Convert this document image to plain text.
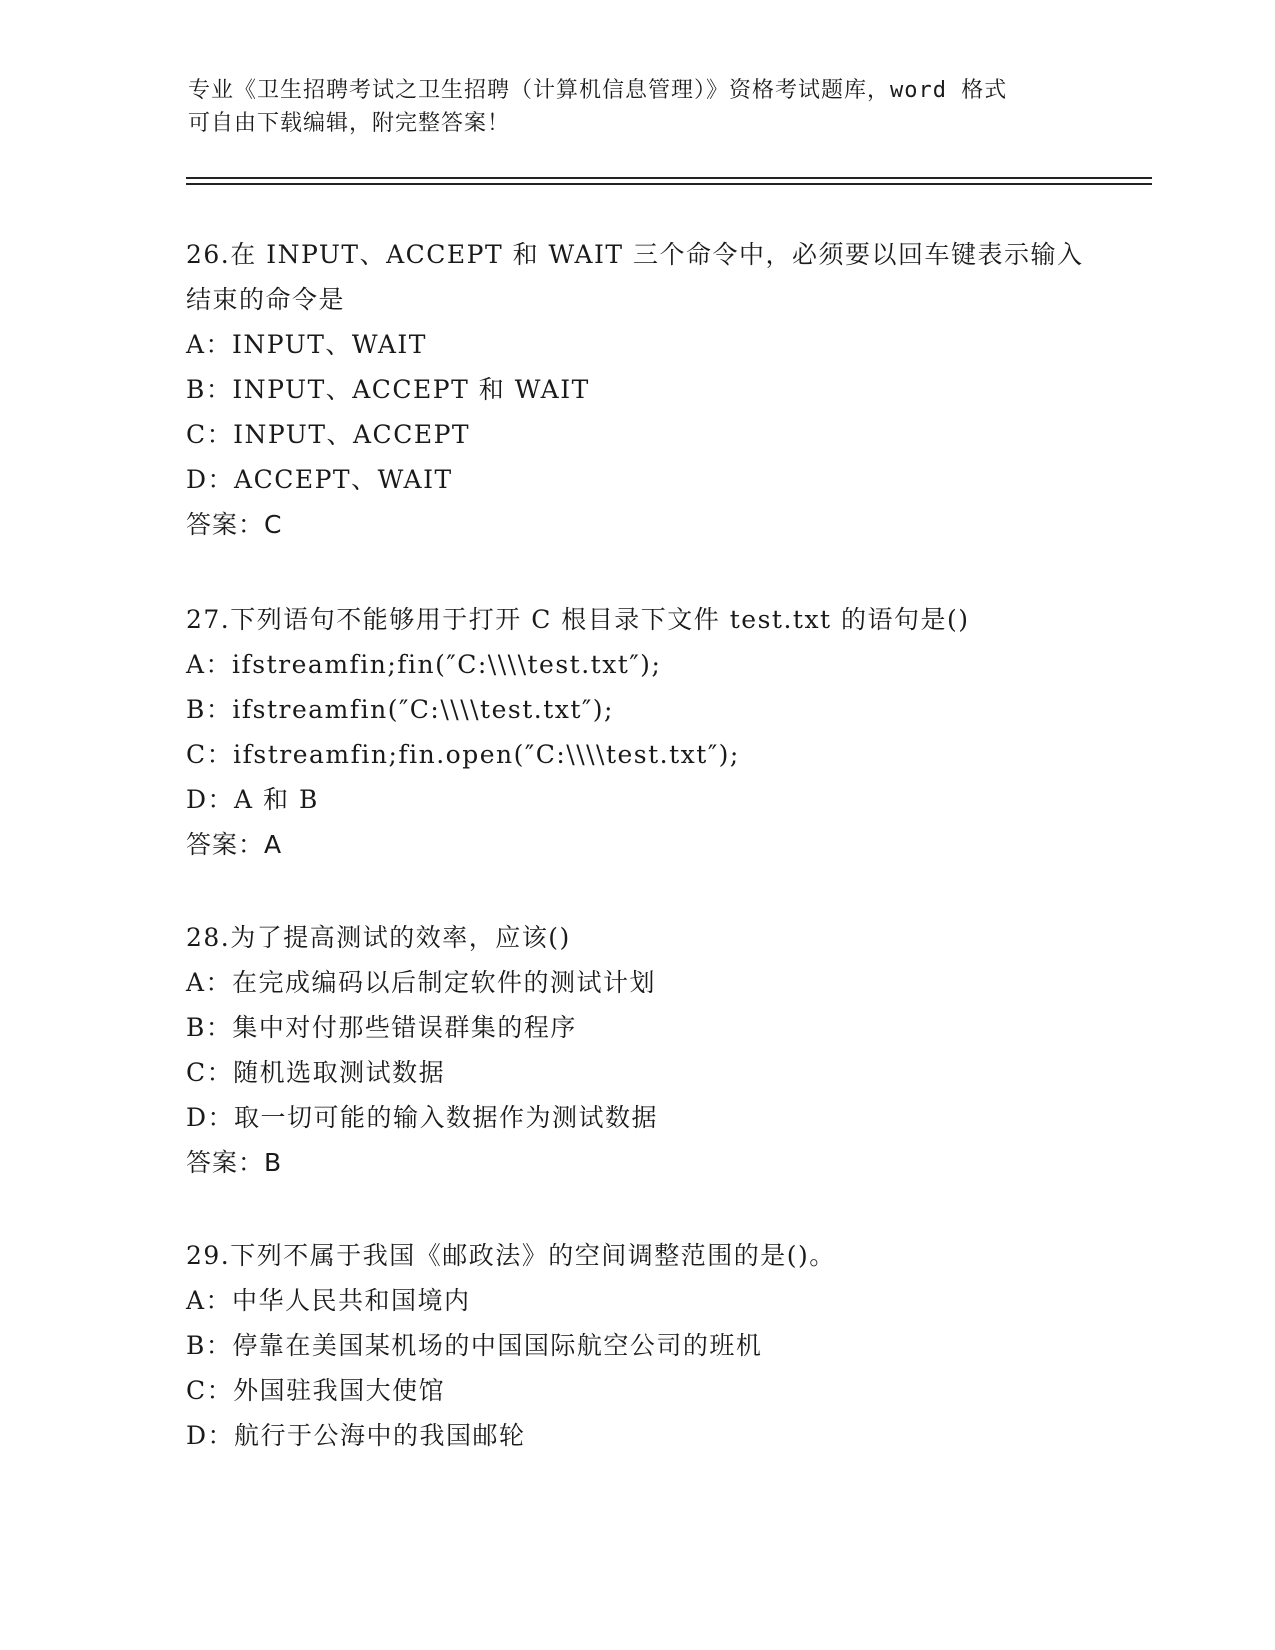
专业《卫生招聘考试之卫生招聘（计算机信息管理）》资格考试题库，word 格式
可自由下载编辑，附完整答案！
26.在 INPUT、ACCEPT 和 WAIT 三个命令中，必须要以回车键表示输入结束的命令是
A：INPUT、WAIT
B：INPUT、ACCEPT 和 WAIT
C：INPUT、ACCEPT
D：ACCEPT、WAIT
答案：C
27.下列语句不能够用于打开 C 根目录下文件 test.txt 的语句是()
A：ifstreamfin;fin(″C:\\\\test.txt″);
B：ifstreamfin(″C:\\\\test.txt″);
C：ifstreamfin;fin.open(″C:\\\\test.txt″);
D：A 和 B
答案：A
28.为了提高测试的效率，应该()
A：在完成编码以后制定软件的测试计划
B：集中对付那些错误群集的程序
C：随机选取测试数据
D：取一切可能的输入数据作为测试数据
答案：B
29.下列不属于我国《邮政法》的空间调整范围的是()。
A：中华人民共和国境内
B：停靠在美国某机场的中国国际航空公司的班机
C：外国驻我国大使馆
D：航行于公海中的我国邮轮
